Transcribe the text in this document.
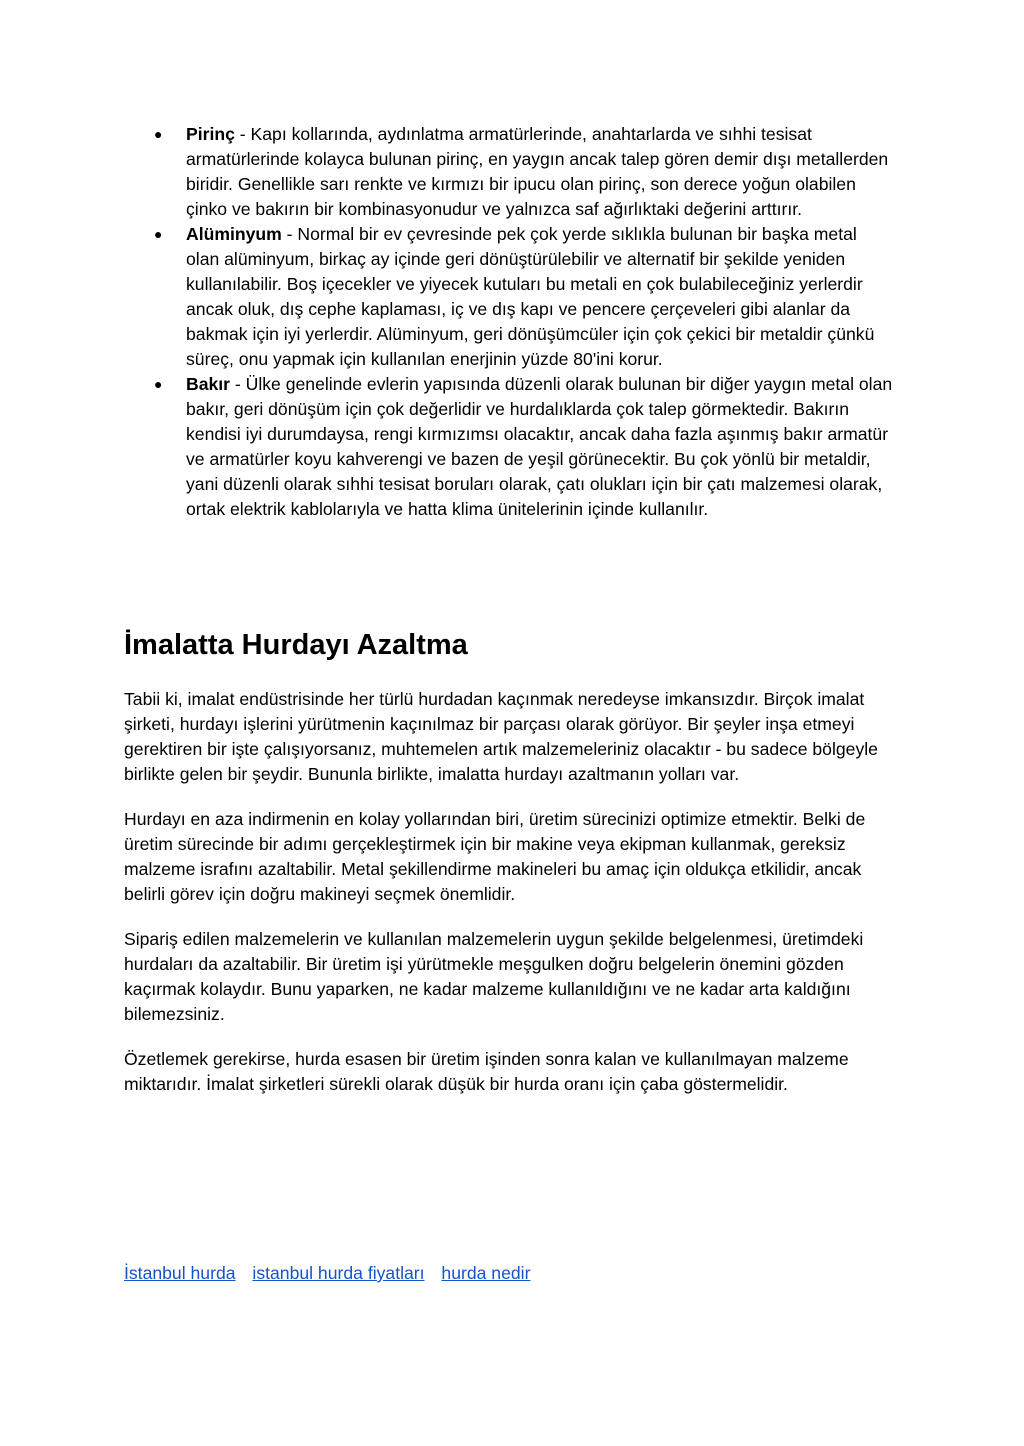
● Pirinç - Kapı kollarında, aydınlatma armatürlerinde, anahtarlarda ve sıhhi tesisat armatürlerinde kolayca bulunan pirinç, en yaygın ancak talep gören demir dışı metallerden biridir. Genellikle sarı renkte ve kırmızı bir ipucu olan pirinç, son derece yoğun olabilen çinko ve bakırın bir kombinasyonudur ve yalnızca saf ağırlıktaki değerini arttırır.
● Alüminyum - Normal bir ev çevresinde pek çok yerde sıklıkla bulunan bir başka metal olan alüminyum, birkaç ay içinde geri dönüştürülebilir ve alternatif bir şekilde yeniden kullanılabilir. Boş içecekler ve yiyecek kutuları bu metali en çok bulabileceğiniz yerlerdir ancak oluk, dış cephe kaplaması, iç ve dış kapı ve pencere çerçeveleri gibi alanlar da bakmak için iyi yerlerdir. Alüminyum, geri dönüşümcüler için çok çekici bir metaldir çünkü süreç, onu yapmak için kullanılan enerjinin yüzde 80'ini korur.
● Bakır - Ülke genelinde evlerin yapısında düzenli olarak bulunan bir diğer yaygın metal olan bakır, geri dönüşüm için çok değerlidir ve hurdalıklarda çok talep görmektedir. Bakırın kendisi iyi durumdaysa, rengi kırmızımsı olacaktır, ancak daha fazla aşınmış bakır armatür ve armatürler koyu kahverengi ve bazen de yeşil görünecektir. Bu çok yönlü bir metaldir, yani düzenli olarak sıhhi tesisat boruları olarak, çatı olukları için bir çatı malzemesi olarak, ortak elektrik kablolarıyla ve hatta klima ünitelerinin içinde kullanılır.
İmalatta Hurdayı Azaltma

Tabii ki, imalat endüstrisinde her türlü hurdadan kaçınmak neredeyse imkansızdır. Birçok imalat şirketi, hurdayı işlerini yürütmenin kaçınılmaz bir parçası olarak görüyor. Bir şeyler inşa etmeyi gerektiren bir işte çalışıyorsanız, muhtemelen artık malzemeleriniz olacaktır - bu sadece bölgeyle birlikte gelen bir şeydir. Bununla birlikte, imalatta hurdayı azaltmanın yolları var.

Hurdayı en aza indirmenin en kolay yollarından biri, üretim sürecinizi optimize etmektir. Belki de üretim sürecinde bir adımı gerçekleştirmek için bir makine veya ekipman kullanmak, gereksiz malzeme israfını azaltabilir. Metal şekillendirme makineleri bu amaç için oldukça etkilidir, ancak belirli görev için doğru makineyi seçmek önemlidir.

Sipariş edilen malzemelerin ve kullanılan malzemelerin uygun şekilde belgelenmesi, üretimdeki hurdaları da azaltabilir. Bir üretim işi yürütmekle meşgulken doğru belgelerin önemini gözden kaçırmak kolaydır. Bunu yaparken, ne kadar malzeme kullanıldığını ve ne kadar arta kaldığını bilemezsiniz.

Özetlemek gerekirse, hurda esasen bir üretim işinden sonra kalan ve kullanılmayan malzeme miktarıdır. İmalat şirketleri sürekli olarak düşük bir hurda oranı için çaba göstermelidir.

İstanbul hurda istanbul hurda fiyatları hurda nedir
